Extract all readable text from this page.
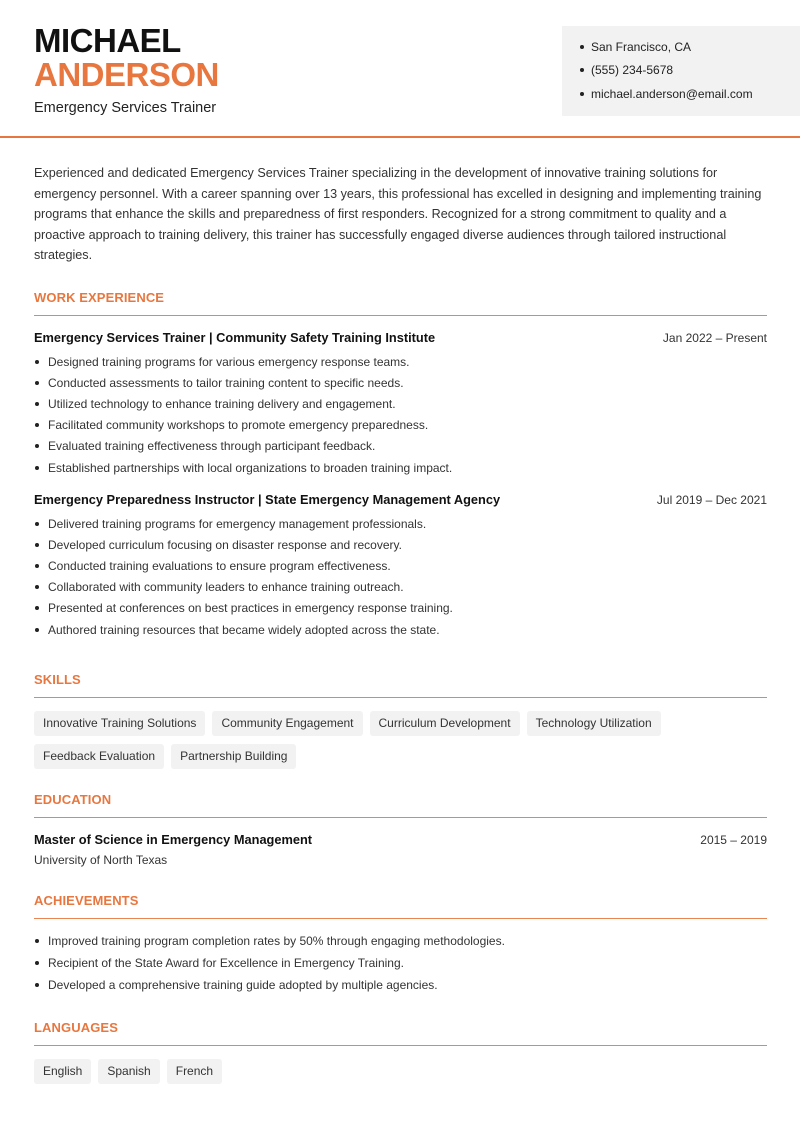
MICHAEL
ANDERSON
Emergency Services Trainer
San Francisco, CA
(555) 234-5678
michael.anderson@email.com

Experienced and dedicated Emergency Services Trainer specializing in the development of innovative training solutions for emergency personnel. With a career spanning over 13 years, this professional has excelled in designing and implementing training programs that enhance the skills and preparedness of first responders. Recognized for a strong commitment to quality and a proactive approach to training delivery, this trainer has successfully engaged diverse audiences through tailored instructional strategies.

WORK EXPERIENCE
Emergency Services Trainer | Community Safety Training Institute	Jan 2022 – Present
Designed training programs for various emergency response teams.
Conducted assessments to tailor training content to specific needs.
Utilized technology to enhance training delivery and engagement.
Facilitated community workshops to promote emergency preparedness.
Evaluated training effectiveness through participant feedback.
Established partnerships with local organizations to broaden training impact.
Emergency Preparedness Instructor | State Emergency Management Agency	Jul 2019 – Dec 2021
Delivered training programs for emergency management professionals.
Developed curriculum focusing on disaster response and recovery.
Conducted training evaluations to ensure program effectiveness.
Collaborated with community leaders to enhance training outreach.
Presented at conferences on best practices in emergency response training.
Authored training resources that became widely adopted across the state.
SKILLS
Innovative Training Solutions	Community Engagement	Curriculum Development	Technology Utilization
Feedback Evaluation	Partnership Building
EDUCATION
Master of Science in Emergency Management	2015 – 2019
University of North Texas
ACHIEVEMENTS
Improved training program completion rates by 50% through engaging methodologies.
Recipient of the State Award for Excellence in Emergency Training.
Developed a comprehensive training guide adopted by multiple agencies.
LANGUAGES
English	Spanish	French
